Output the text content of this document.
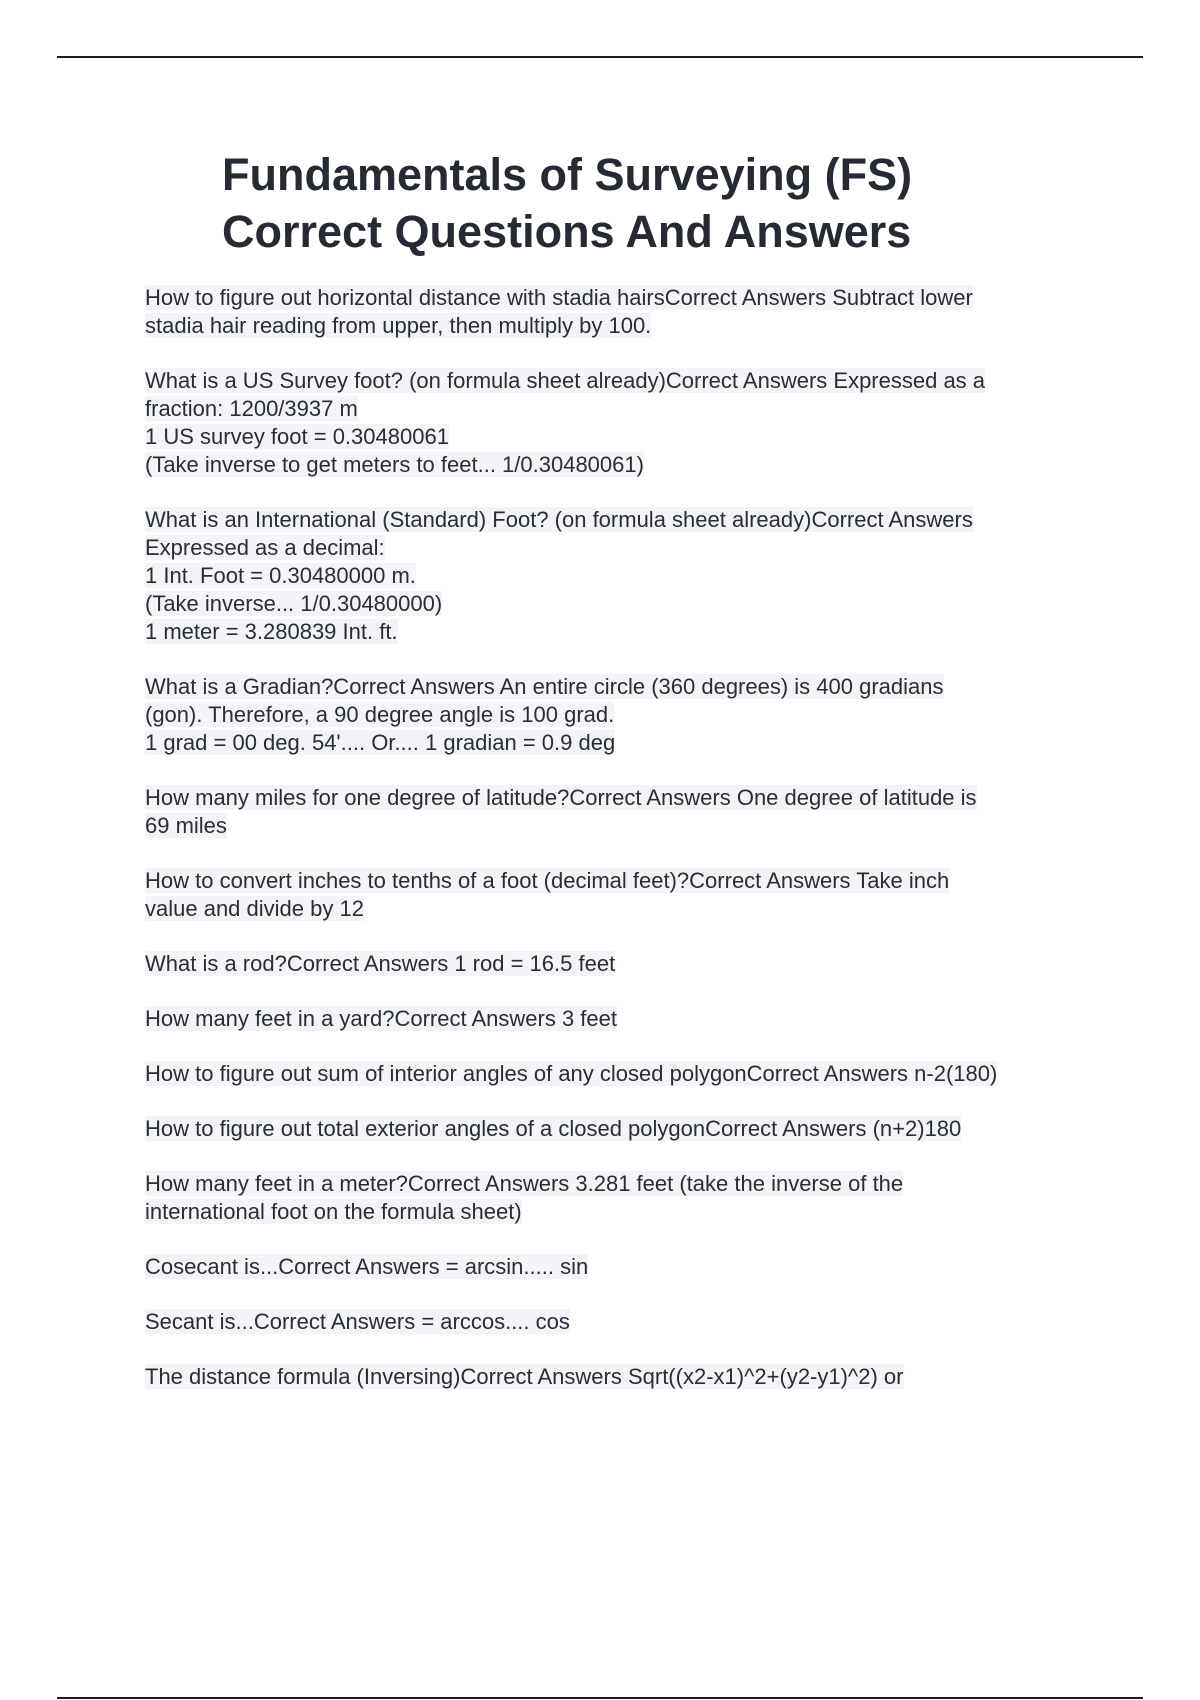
Fundamentals of Surveying (FS)
Correct Questions And Answers
How to figure out horizontal distance with stadia hairsCorrect Answers Subtract lower
stadia hair reading from upper, then multiply by 100.
What is a US Survey foot? (on formula sheet already)Correct Answers Expressed as a
fraction: 1200/3937 m
1 US survey foot = 0.30480061
(Take inverse to get meters to feet... 1/0.30480061)
What is an International (Standard) Foot? (on formula sheet already)Correct Answers
Expressed as a decimal:
1 Int. Foot = 0.30480000 m.
(Take inverse... 1/0.30480000)
1 meter = 3.280839 Int. ft.
What is a Gradian?Correct Answers An entire circle (360 degrees) is 400 gradians
(gon). Therefore, a 90 degree angle is 100 grad.
1 grad = 00 deg. 54'.... Or.... 1 gradian = 0.9 deg
How many miles for one degree of latitude?Correct Answers One degree of latitude is
69 miles
How to convert inches to tenths of a foot (decimal feet)?Correct Answers Take inch
value and divide by 12
What is a rod?Correct Answers 1 rod = 16.5 feet
How many feet in a yard?Correct Answers 3 feet
How to figure out sum of interior angles of any closed polygonCorrect Answers n-2(180)
How to figure out total exterior angles of a closed polygonCorrect Answers (n+2)180
How many feet in a meter?Correct Answers 3.281 feet (take the inverse of the
international foot on the formula sheet)
Cosecant is...Correct Answers = arcsin..... sin
Secant is...Correct Answers = arccos.... cos
The distance formula (Inversing)Correct Answers Sqrt((x2-x1)^2+(y2-y1)^2) or
